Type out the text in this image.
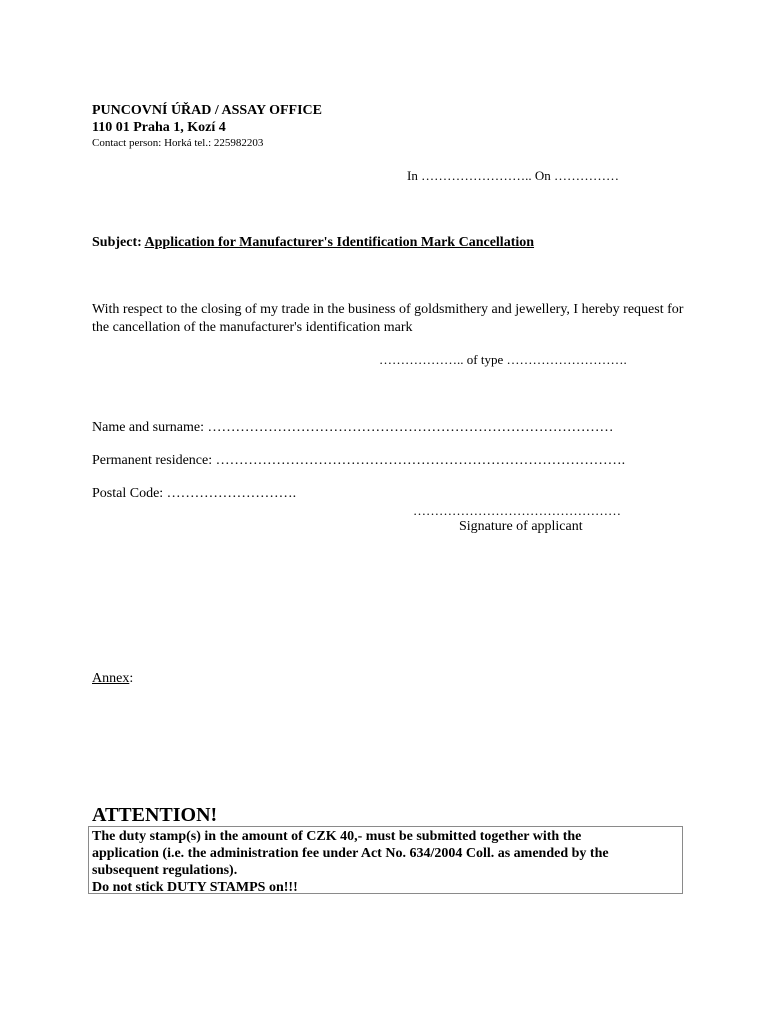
PUNCOVNÍ ÚŘAD / ASSAY OFFICE
110 01 Praha 1, Kozí 4
Contact person: Horká tel.: 225982203
In …………………….. On ……………
Subject: Application for Manufacturer's Identification Mark Cancellation
With respect to the closing of my trade in the business of goldsmithery and jewellery, I hereby request for the cancellation of the manufacturer's identification mark
……………….. of type ……………………….
Name and surname: ……………………………………………………………………………
Permanent residence: …………………………………………………………………………….
Postal Code: ……………………….
…………………………………………
Signature of applicant
Annex:
ATTENTION!

The duty stamp(s) in the amount of CZK 40,- must be submitted together with the

application (i.e. the administration fee under Act No. 634/2004 Coll. as amended by the

subsequent regulations).

Do not stick DUTY STAMPS on!!!
